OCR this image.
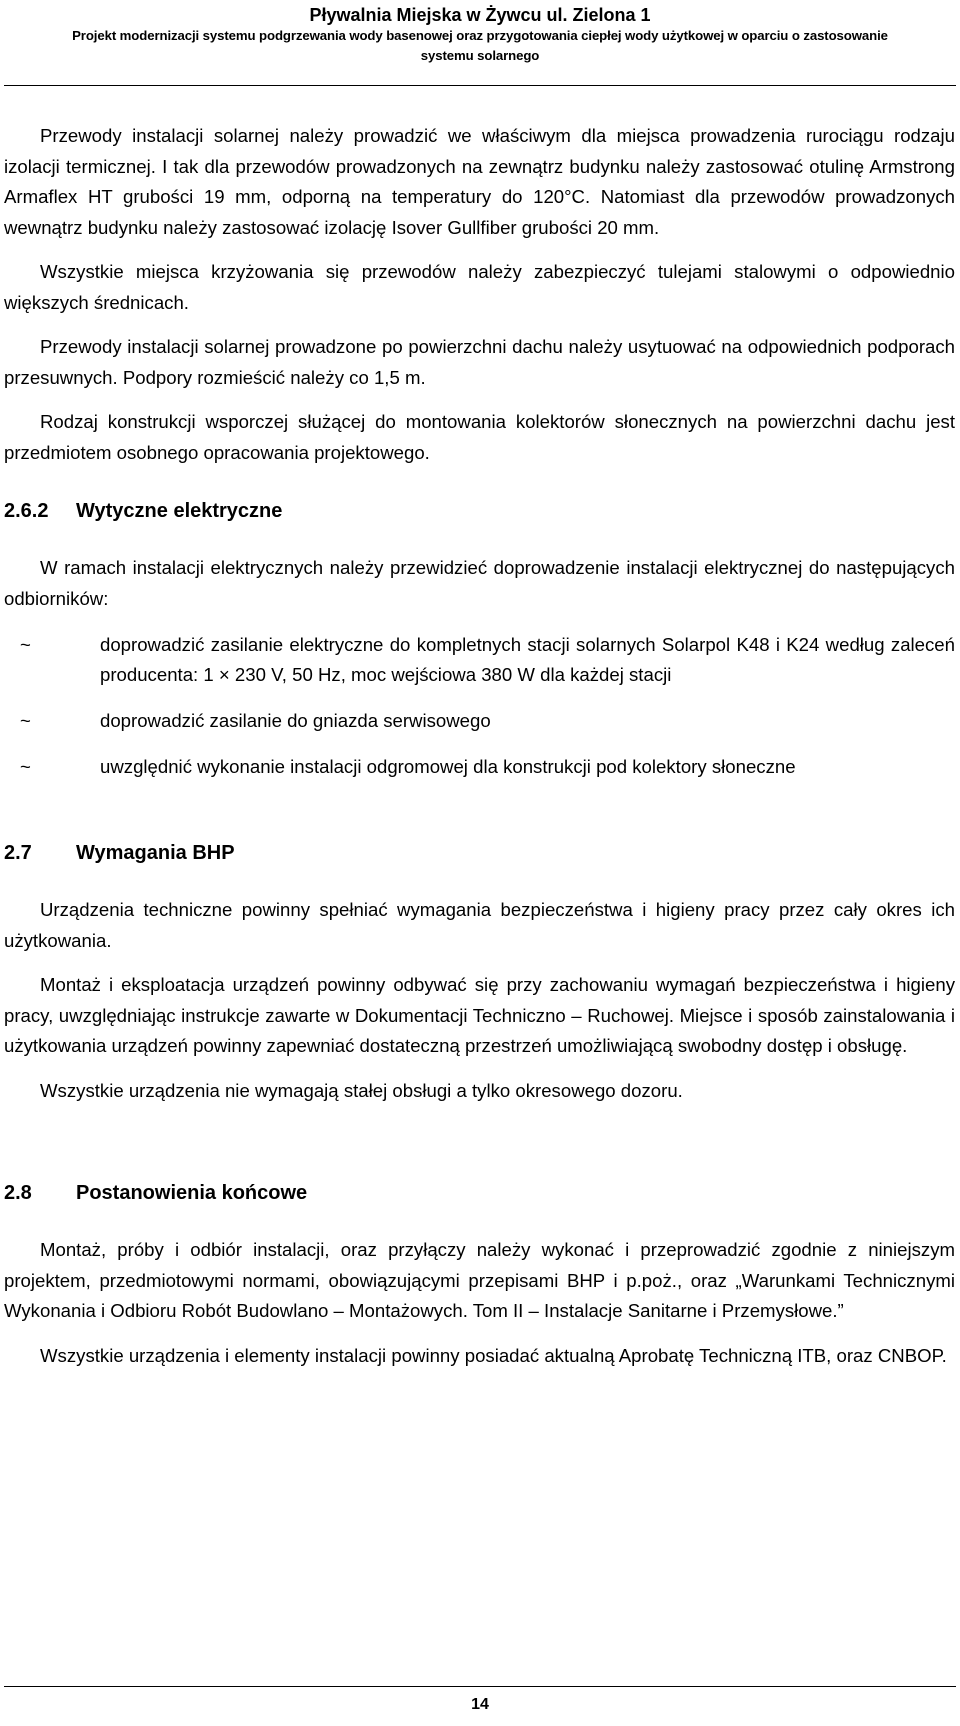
Pływalnia Miejska w Żywcu ul. Zielona 1
Projekt modernizacji systemu podgrzewania wody basenowej oraz przygotowania ciepłej wody użytkowej w oparciu o zastosowanie
systemu solarnego

Przewody instalacji solarnej należy prowadzić we właściwym dla miejsca prowadzenia rurociągu rodzaju izolacji termicznej. I tak dla przewodów prowadzonych na zewnątrz budynku należy zastosować otulinę Armstrong Armaflex HT grubości 19 mm, odporną na temperatury do 120°C. Natomiast dla przewodów prowadzonych wewnątrz budynku należy zastosować izolację Isover Gullfiber grubości 20 mm.

Wszystkie miejsca krzyżowania się przewodów należy zabezpieczyć tulejami stalowymi o odpowiednio większych średnicach.

Przewody instalacji solarnej prowadzone po powierzchni dachu należy usytuować na odpowiednich podporach przesuwnych. Podpory rozmieścić należy co 1,5 m.

Rodzaj konstrukcji wsporczej służącej do montowania kolektorów słonecznych na powierzchni dachu jest przedmiotem osobnego opracowania projektowego.

2.6.2	Wytyczne elektryczne

W ramach instalacji elektrycznych należy przewidzieć doprowadzenie instalacji elektrycznej do następujących odbiorników:

~	doprowadzić zasilanie elektryczne do kompletnych stacji solarnych Solarpol K48 i K24 według zaleceń producenta: 1 × 230 V, 50 Hz, moc wejściowa 380 W dla każdej stacji
~	doprowadzić zasilanie do gniazda serwisowego
~	uwzględnić wykonanie instalacji odgromowej dla konstrukcji pod kolektory słoneczne
2.7	Wymagania BHP

Urządzenia techniczne powinny spełniać wymagania bezpieczeństwa i higieny pracy przez cały okres ich użytkowania.

Montaż i eksploatacja urządzeń powinny odbywać się przy zachowaniu wymagań bezpieczeństwa i higieny pracy, uwzględniając instrukcje zawarte w Dokumentacji Techniczno – Ruchowej. Miejsce i sposób zainstalowania i użytkowania urządzeń powinny zapewniać dostateczną przestrzeń umożliwiającą swobodny dostęp i obsługę.

Wszystkie urządzenia nie wymagają stałej obsługi a tylko okresowego dozoru.

2.8	Postanowienia końcowe

Montaż, próby i odbiór instalacji, oraz przyłączy należy wykonać i przeprowadzić zgodnie z niniejszym projektem, przedmiotowymi normami, obowiązującymi przepisami BHP i p.poż., oraz „Warunkami Technicznymi Wykonania i Odbioru Robót Budowlano – Montażowych. Tom II – Instalacje Sanitarne i Przemysłowe.”

Wszystkie urządzenia i elementy instalacji powinny posiadać aktualną Aprobatę Techniczną ITB, oraz CNBOP.

14
